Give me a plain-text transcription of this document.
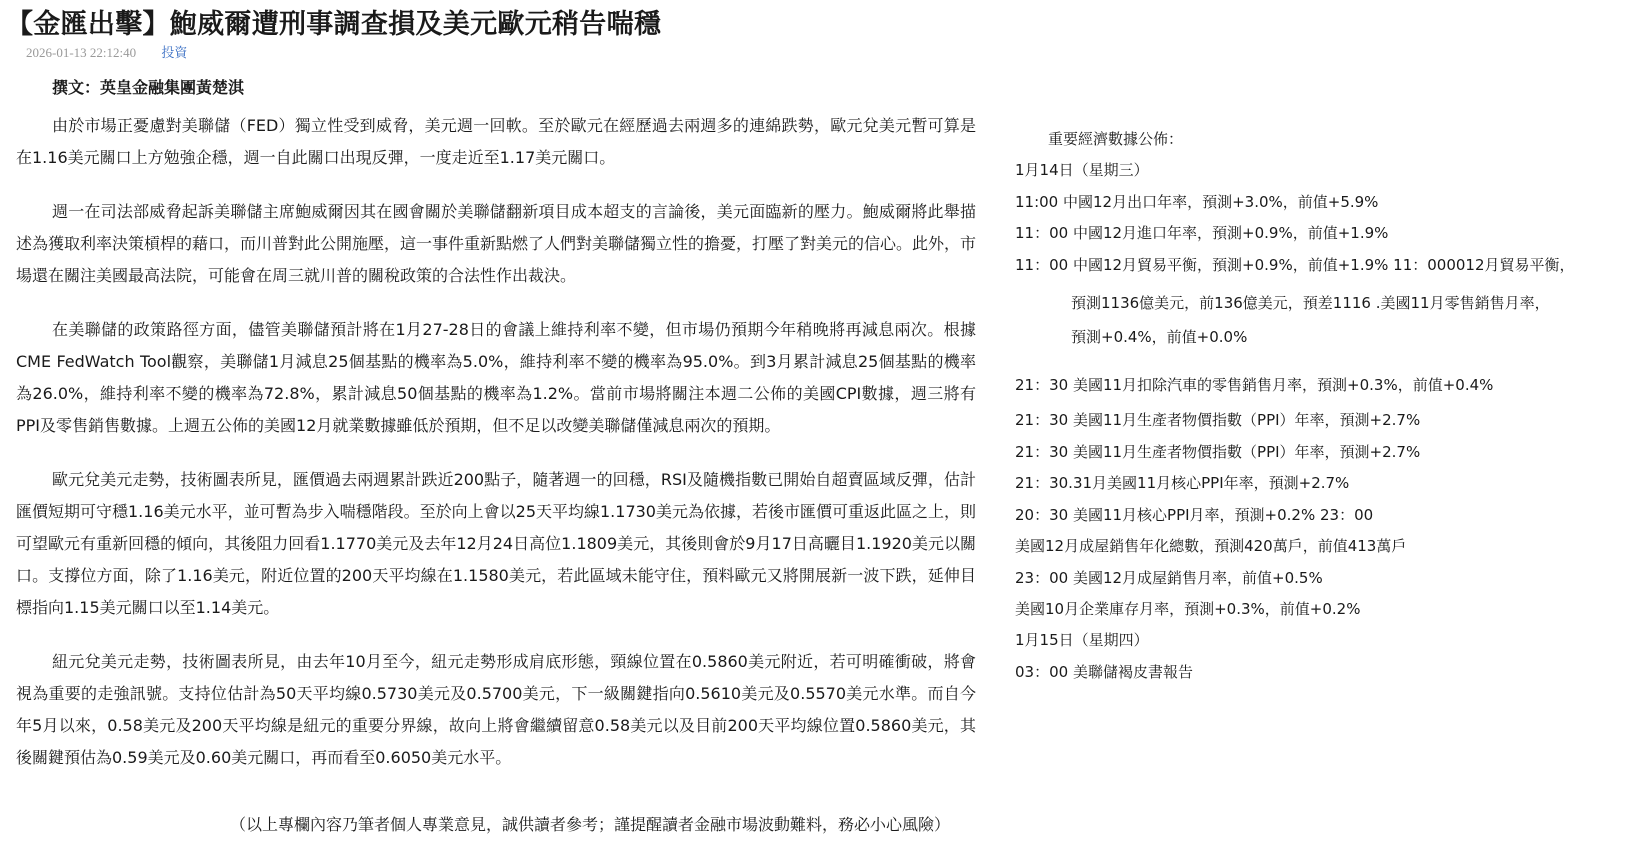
【金匯出擊】鮑威爾遭刑事調查損及美元歐元稍告喘穩
2026-01-13 22:12:40 投資
撰文：英皇金融集團黃楚淇

由於市場正憂慮對美聯儲（FED）獨立性受到威脅，美元週一回軟。至於歐元在經歷過去兩週多的連綿跌勢，歐元兌美元暫可算是在1.16美元關口上方勉強企穩，週一自此關口出現反彈，一度走近至1.17美元關口。

週一在司法部威脅起訴美聯儲主席鮑威爾因其在國會關於美聯儲翻新項目成本超支的言論後，美元面臨新的壓力。鮑威爾將此舉描述為獲取利率決策槓桿的藉口，而川普對此公開施壓，這一事件重新點燃了人們對美聯儲獨立性的擔憂，打壓了對美元的信心。此外，市場還在關注美國最高法院，可能會在周三就川普的關稅政策的合法性作出裁決。

在美聯儲的政策路徑方面，儘管美聯儲預計將在1月27-28日的會議上維持利率不變，但市場仍預期今年稍晚將再減息兩次。根據CME FedWatch Tool觀察，美聯儲1月減息25個基點的機率為5.0%，維持利率不變的機率為95.0%。到3月累計減息25個基點的機率為26.0%，維持利率不變的機率為72.8%，累計減息50個基點的機率為1.2%。當前市場將關注本週二公佈的美國CPI數據，週三將有PPI及零售銷售數據。上週五公佈的美國12月就業數據雖低於預期，但不足以改變美聯儲僅減息兩次的預期。

歐元兌美元走勢，技術圖表所見，匯價過去兩週累計跌近200點子，隨著週一的回穩，RSI及隨機指數已開始自超賣區域反彈，估計匯價短期可守穩1.16美元水平，並可暫為步入喘穩階段。至於向上會以25天平均線1.1730美元為依據，若後市匯價可重返此區之上，則可望歐元有重新回穩的傾向，其後阻力回看1.1770美元及去年12月24日高位1.1809美元，其後則會於9月17日高曬目1.1920美元以關口。支撐位方面，除了1.16美元，附近位置的200天平均線在1.1580美元，若此區域未能守住，預料歐元又將開展新一波下跌，延伸目標指向1.15美元關口以至1.14美元。

紐元兌美元走勢，技術圖表所見，由去年10月至今，紐元走勢形成肩底形態，頸線位置在0.5860美元附近，若可明確衝破，將會視為重要的走強訊號。支持位估計為50天平均線0.5730美元及0.5700美元，下一級關鍵指向0.5610美元及0.5570美元水準。而自今年5月以來，0.58美元及200天平均線是紐元的重要分界線，故向上將會繼續留意0.58美元以及目前200天平均線位置0.5860美元，其後關鍵預估為0.59美元及0.60美元關口，再而看至0.6050美元水平。

（以上專欄內容乃筆者個人專業意見，誠供讀者參考；謹提醒讀者金融市場波動難料，務必小心風險）
重要經濟數據公佈：
1月14日（星期三）
11:00 中國12月出口年率，預測+3.0%，前值+5.9%
11：00 中國12月進口年率，預測+0.9%，前值+1.9%
11：00 中國12月貿易平衡，預測+0.9%，前值+1.9% 11：000012月貿易平衡，
預測1136億美元，前136億美元，預差1116 .美國11月零售銷售月率，
預測+0.4%，前值+0.0%
21：30 美國11月扣除汽車的零售銷售月率，預測+0.3%，前值+0.4%
21：30 美國11月生產者物價指數（PPI）年率，預測+2.7%
21：30 美國11月生產者物價指數（PPI）年率，預測+2.7%
21：30.31月美國11月核心PPI年率，預測+2.7%
20：30 美國11月核心PPI月率，預測+0.2% 23：00
美國12月成屋銷售年化總數，預測420萬戶，前值413萬戶
23：00 美國12月成屋銷售月率，前值+0.5%
美國10月企業庫存月率，預測+0.3%，前值+0.2%
1月15日（星期四）
03：00 美聯儲褐皮書報告
